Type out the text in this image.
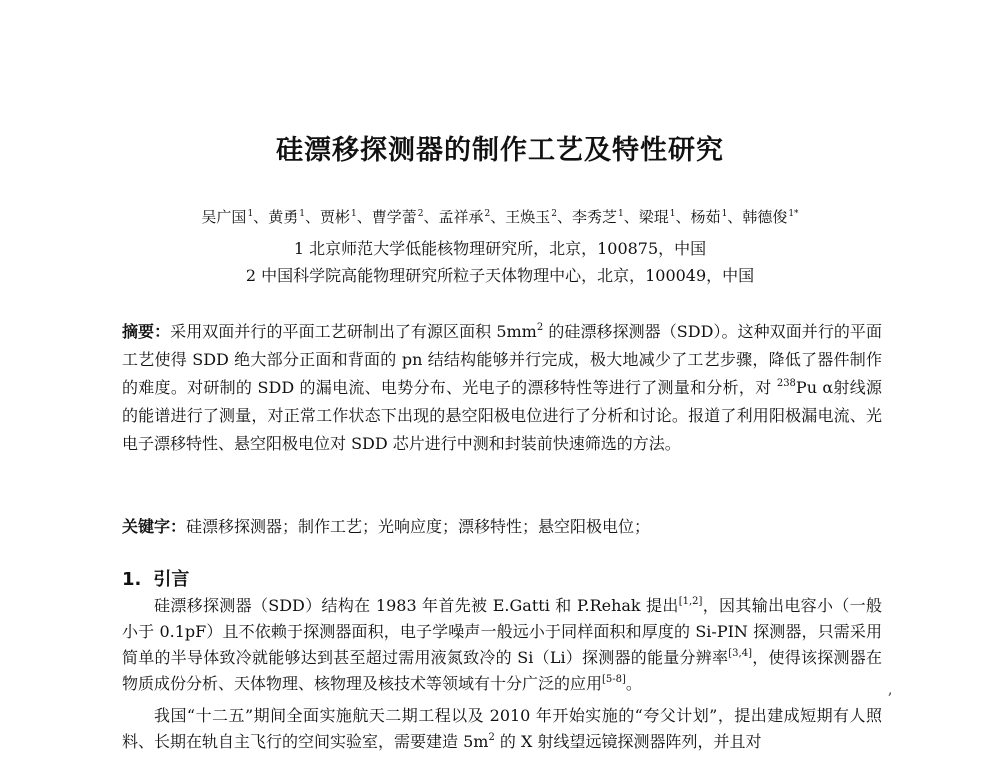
硅漂移探测器的制作工艺及特性研究
吴广国$^1$、黄勇$^1$、贾彬$^1$、曹学蕾$^2$、孟祥承$^2$、王焕玉$^2$、李秀芝$^1$、梁琨$^1$、杨茹$^1$、韩德俊$^{1*}$
1 北京师范大学低能核物理研究所，北京，100875，中国
2 中国科学院高能物理研究所粒子天体物理中心，北京，100049，中国

摘要：采用双面并行的平面工艺研制出了有源区面积 $5mm^2$ 的硅漂移探测器（SDD）。这种双面并行的平面工艺使得 SDD 绝大部分正面和背面的 pn 结结构能够并行完成，极大地减少了工艺步骤，降低了器件制作的难度。对研制的 SDD 的漏电流、电势分布、光电子的漂移特性等进行了测量和分析，对 $^{238}$Pu α射线源的能谱进行了测量，对正常工作状态下出现的悬空阳极电位进行了分析和讨论。报道了利用阳极漏电流、光电子漂移特性、悬空阳极电位对 SDD 芯片进行中测和封装前快速筛选的方法。

关键字：硅漂移探测器；制作工艺；光响应度；漂移特性；悬空阳极电位；

1. 引言

硅漂移探测器（SDD）结构在 1983 年首先被 E.Gatti 和 P.Rehak 提出[1,2]，因其输出电容小（一般小于 0.1pF）且不依赖于探测器面积，电子学噪声一般远小于同样面积和厚度的 Si-PIN 探测器，只需采用简单的半导体致冷就能够达到甚至超过需用液氮致冷的 Si（Li）探测器的能量分辨率[3,4]，使得该探测器在物质成份分析、天体物理、核物理及核技术等领域有十分广泛的应用[5-8]。	,

我国“十二五”期间全面实施航天二期工程以及 2010 年开始实施的“夸父计划”，提出建成短期有人照料、长期在轨自主飞行的空间实验室，需要建造 $5m^2$ 的 X 射线望远镜探测器阵列，并且对
